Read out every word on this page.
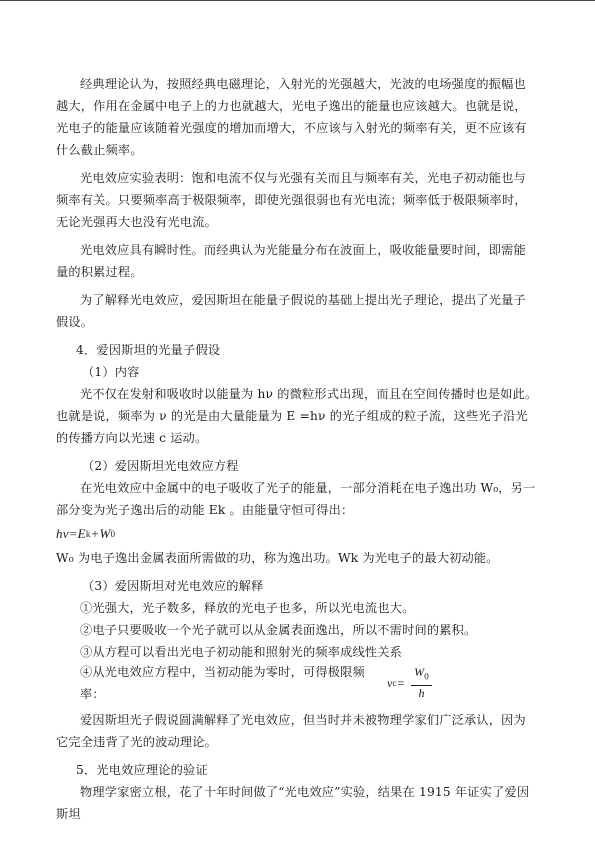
经典理论认为，按照经典电磁理论，入射光的光强越大，光波的电场强度的振幅也越大，作用在金属中电子上的力也就越大，光电子逸出的能量也应该越大。也就是说，光电子的能量应该随着光强度的增加而增大，不应该与入射光的频率有关，更不应该有什么截止频率。

光电效应实验表明：饱和电流不仅与光强有关而且与频率有关，光电子初动能也与频率有关。只要频率高于极限频率，即使光强很弱也有光电流；频率低于极限频率时，无论光强再大也没有光电流。

光电效应具有瞬时性。而经典认为光能量分布在波面上，吸收能量要时间，即需能量的积累过程。

为了解释光电效应，爱因斯坦在能量子假说的基础上提出光子理论，提出了光量子假设。

4．爱因斯坦的光量子假设

（1）内容

光不仅在发射和吸收时以能量为 hν 的微粒形式出现，而且在空间传播时也是如此。也就是说，频率为 ν 的光是由大量能量为 E =hν 的光子组成的粒子流，这些光子沿光的传播方向以光速 c 运动。

（2）爱因斯坦光电效应方程

在光电效应中金属中的电子吸收了光子的能量，一部分消耗在电子逸出功 W₀，另一部分变为光子逸出后的动能 Ek 。由能量守恒可得出：

hν = E k + W 0

W₀ 为电子逸出金属表面所需做的功，称为逸出功。Wk 为光电子的最大初动能。

（3）爱因斯坦对光电效应的解释

①光强大，光子数多，释放的光电子也多，所以光电流也大。

②电子只要吸收一个光子就可以从金属表面逸出，所以不需时间的累积。

③从方程可以看出光电子初动能和照射光的频率成线性关系

④从光电效应方程中，当初动能为零时，可得极限频率：
ν $c = \frac{W_0}{h}$

爱因斯坦光子假说圆满解释了光电效应，但当时并未被物理学家们广泛承认，因为它完全违背了光的波动理论。

5．光电效应理论的验证

物理学家密立根，花了十年时间做了“光电效应”实验，结果在 1915 年证实了爱因斯坦
